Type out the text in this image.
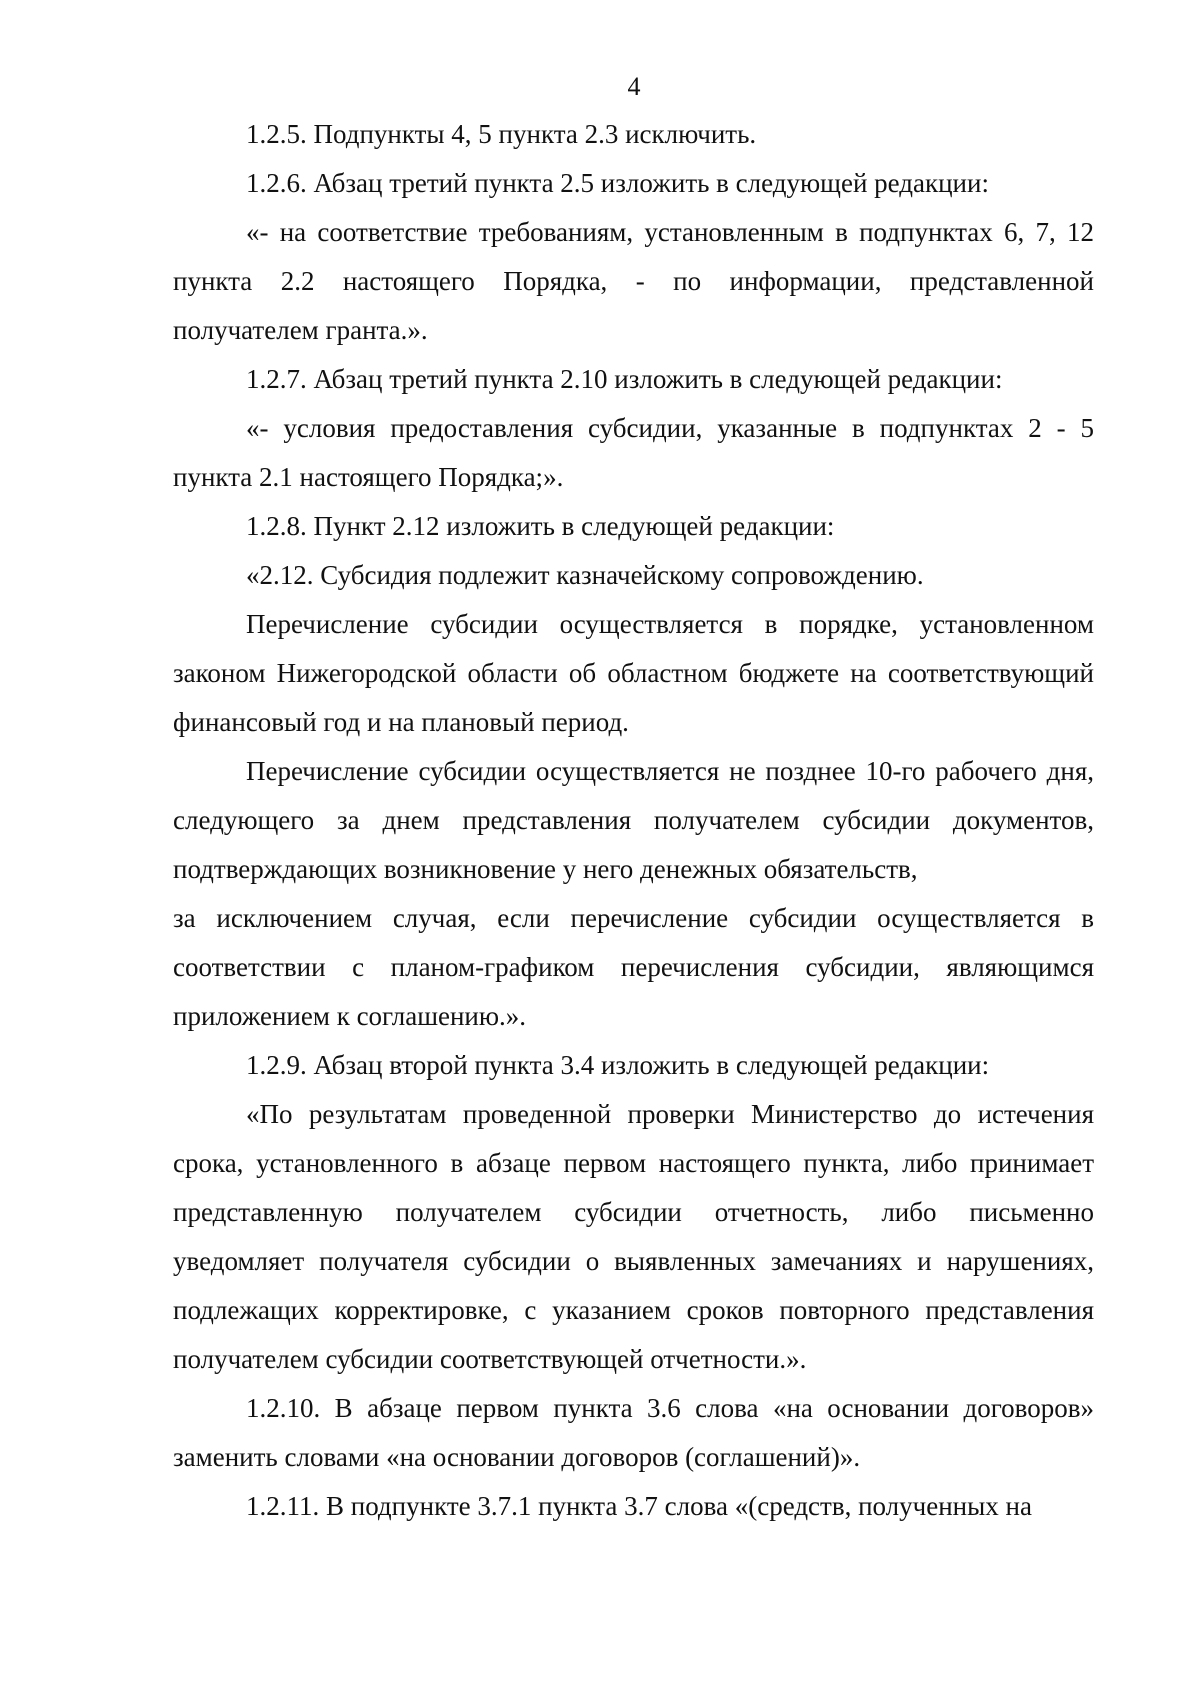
4

1.2.5. Подпункты 4, 5 пункта 2.3 исключить.

1.2.6. Абзац третий пункта 2.5 изложить в следующей редакции:

«- на соответствие требованиям, установленным в подпунктах 6, 7, 12 пункта 2.2 настоящего Порядка, - по информации, представленной получателем гранта.».

1.2.7. Абзац третий пункта 2.10 изложить в следующей редакции:

«- условия предоставления субсидии, указанные в подпунктах 2 - 5 пункта 2.1 настоящего Порядка;».

1.2.8. Пункт 2.12 изложить в следующей редакции:

«2.12. Субсидия подлежит казначейскому сопровождению.

Перечисление субсидии осуществляется в порядке, установленном законом Нижегородской области об областном бюджете на соответствующий финансовый год и на плановый период.

Перечисление субсидии осуществляется не позднее 10-го рабочего дня, следующего за днем представления получателем субсидии документов, подтверждающих возникновение у него денежных обязательств,

за исключением случая, если перечисление субсидии осуществляется в соответствии с планом-графиком перечисления субсидии, являющимся приложением к соглашению.».

1.2.9. Абзац второй пункта 3.4 изложить в следующей редакции:

«По результатам проведенной проверки Министерство до истечения срока, установленного в абзаце первом настоящего пункта, либо принимает представленную получателем субсидии отчетность, либо письменно уведомляет получателя субсидии о выявленных замечаниях и нарушениях, подлежащих корректировке, с указанием сроков повторного представления получателем субсидии соответствующей отчетности.».

1.2.10. В абзаце первом пункта 3.6 слова «на основании договоров» заменить словами «на основании договоров (соглашений)».

1.2.11. В подпункте 3.7.1 пункта 3.7 слова «(средств, полученных на
